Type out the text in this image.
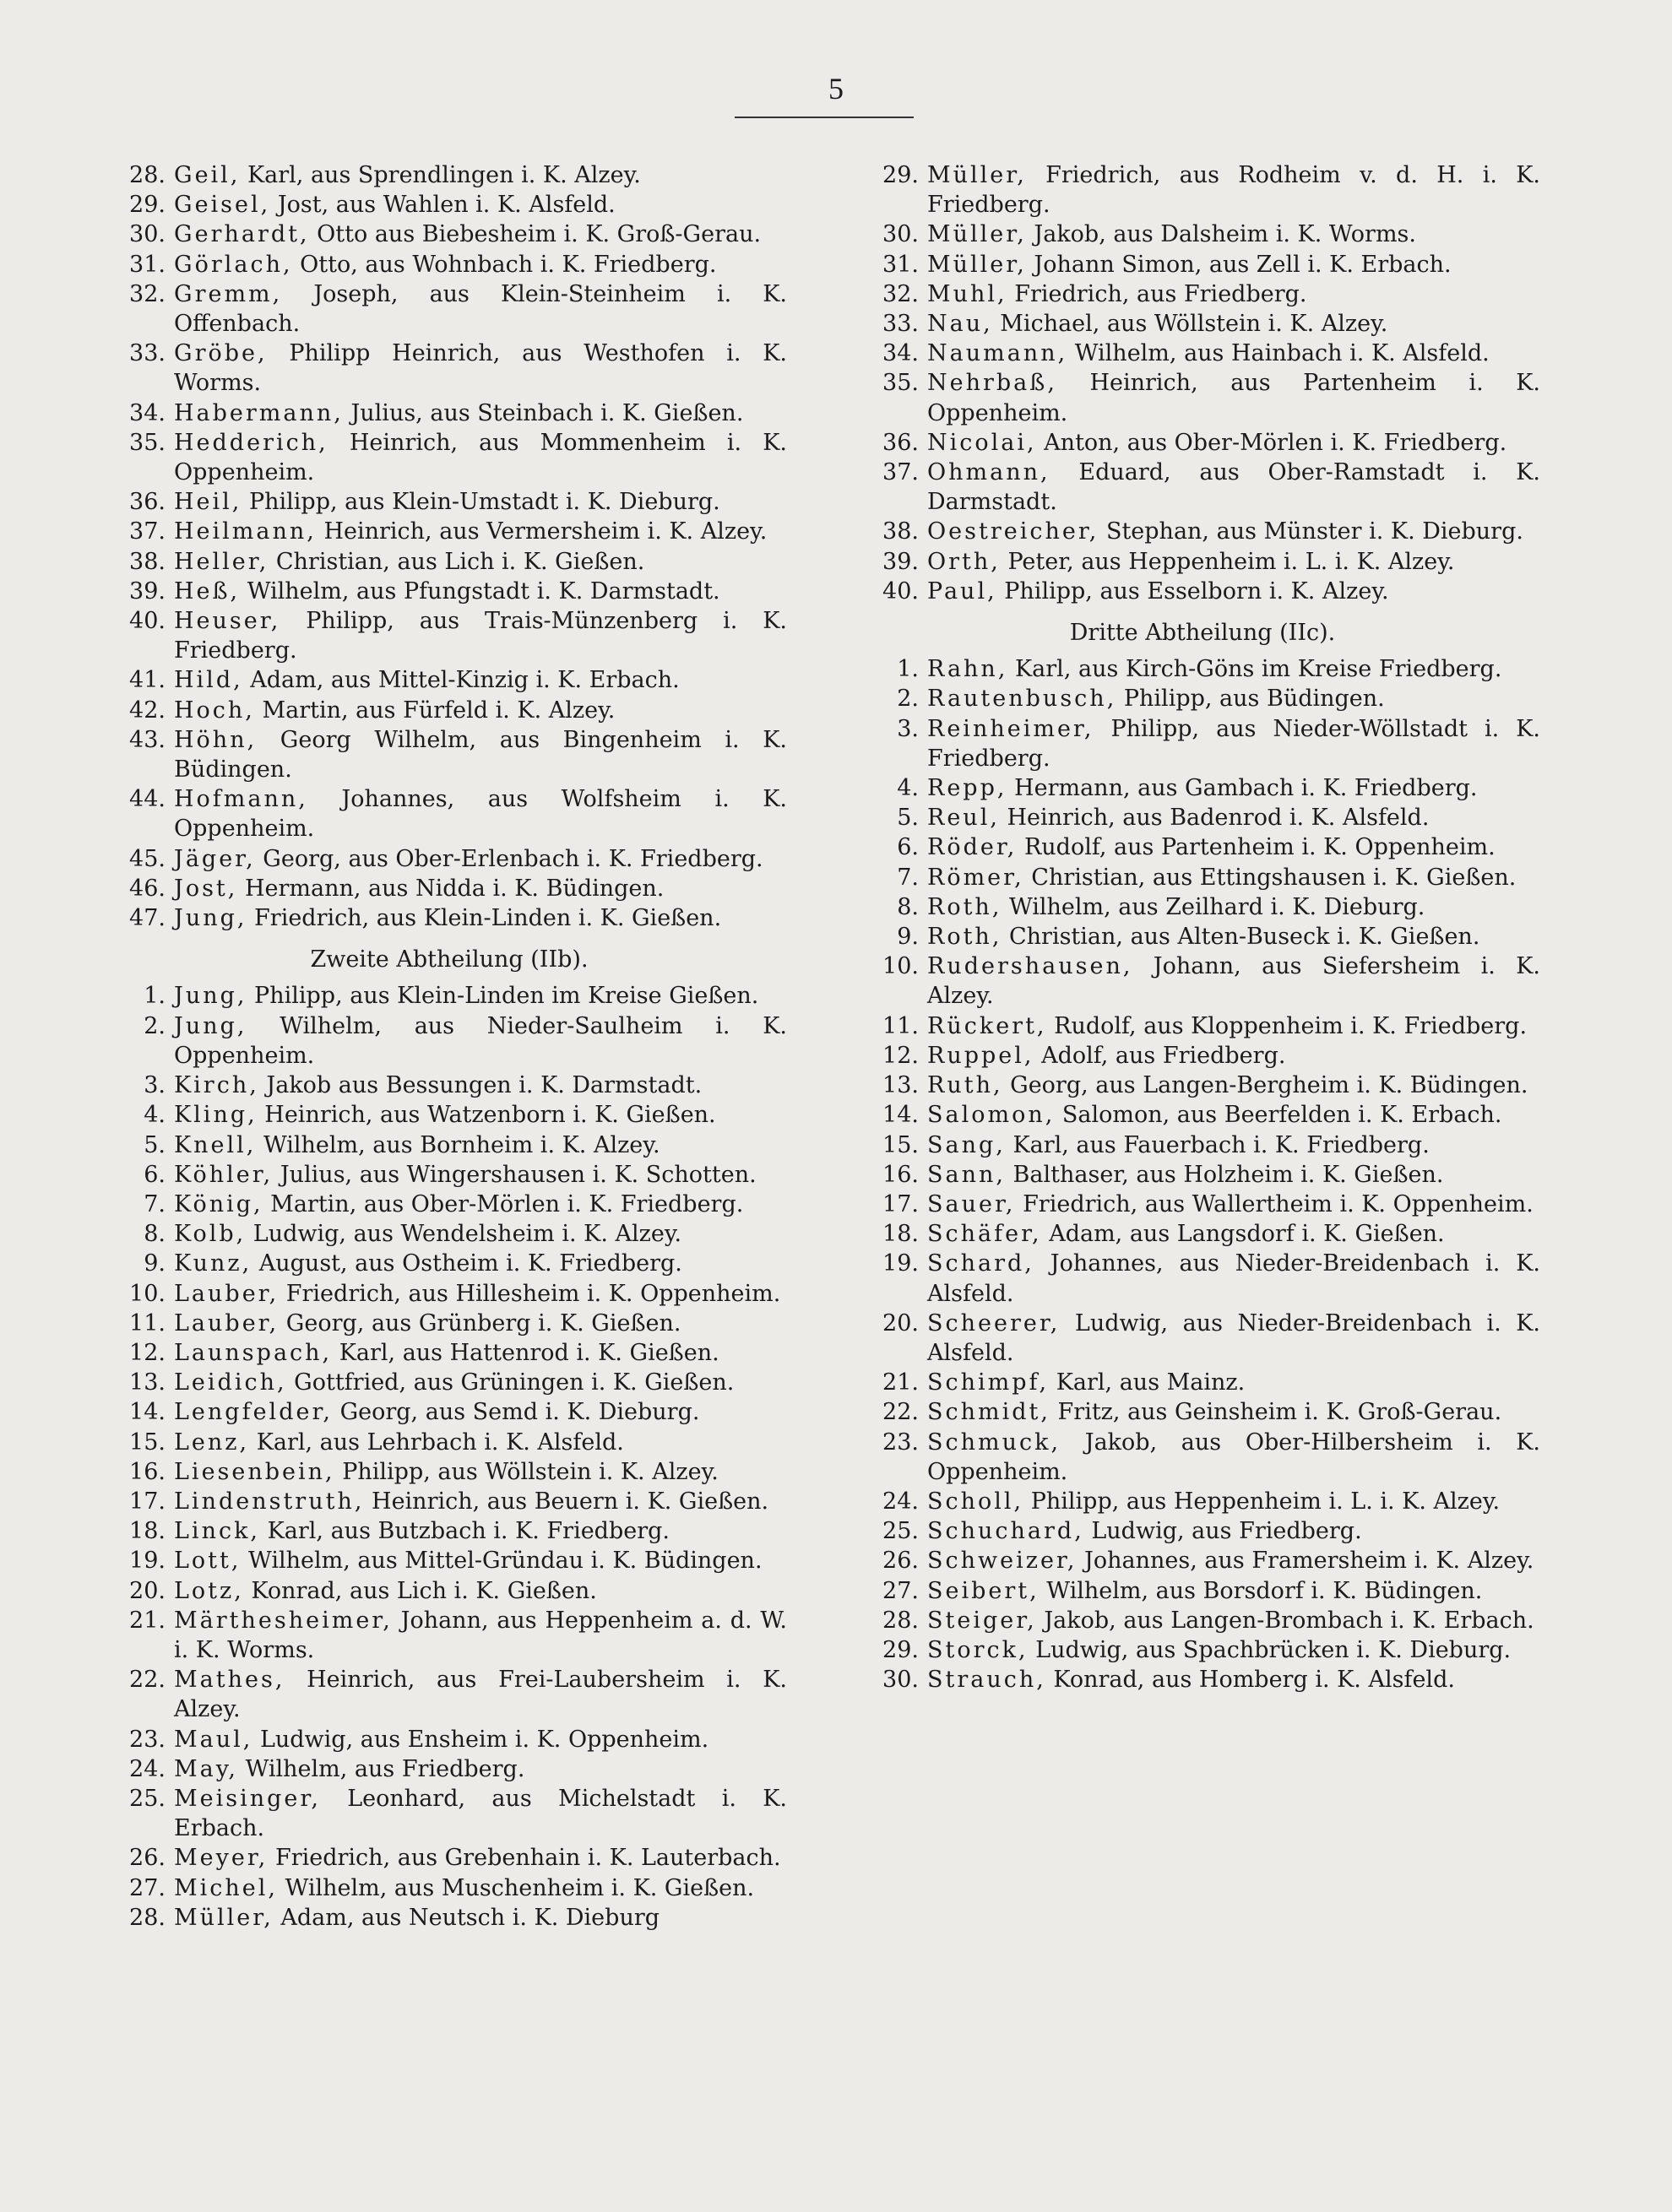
5
28. Geil, Karl, aus Sprendlingen i. K. Alzey.
29. Geisel, Jost, aus Wahlen i. K. Alsfeld.
30. Gerhardt, Otto aus Biebesheim i. K. Groß-Gerau.
31. Görlach, Otto, aus Wohnbach i. K. Friedberg.
32. Gremm, Joseph, aus Klein-Steinheim i. K. Offenbach.
33. Gröbe, Philipp Heinrich, aus Westhofen i. K. Worms.
34. Habermann, Julius, aus Steinbach i. K. Gießen.
35. Hedderich, Heinrich, aus Mommenheim i. K. Oppenheim.
36. Heil, Philipp, aus Klein-Umstadt i. K. Dieburg.
37. Heilmann, Heinrich, aus Vermersheim i. K. Alzey.
38. Heller, Christian, aus Lich i. K. Gießen.
39. Heß, Wilhelm, aus Pfungstadt i. K. Darmstadt.
40. Heuser, Philipp, aus Trais-Münzenberg i. K. Friedberg.
41. Hild, Adam, aus Mittel-Kinzig i. K. Erbach.
42. Hoch, Martin, aus Fürfeld i. K. Alzey.
43. Höhn, Georg Wilhelm, aus Bingenheim i. K. Büdingen.
44. Hofmann, Johannes, aus Wolfsheim i. K. Oppenheim.
45. Jäger, Georg, aus Ober-Erlenbach i. K. Friedberg.
46. Jost, Hermann, aus Nidda i. K. Büdingen.
47. Jung, Friedrich, aus Klein-Linden i. K. Gießen.
Zweite Abtheilung (IIb).
1. Jung, Philipp, aus Klein-Linden im Kreise Gießen.
2. Jung, Wilhelm, aus Nieder-Saulheim i. K. Oppenheim.
3. Kirch, Jakob aus Bessungen i. K. Darmstadt.
4. Kling, Heinrich, aus Watzenborn i. K. Gießen.
5. Knell, Wilhelm, aus Bornheim i. K. Alzey.
6. Köhler, Julius, aus Wingershausen i. K. Schotten.
7. König, Martin, aus Ober-Mörlen i. K. Friedberg.
8. Kolb, Ludwig, aus Wendelsheim i. K. Alzey.
9. Kunz, August, aus Ostheim i. K. Friedberg.
10. Lauber, Friedrich, aus Hillesheim i. K. Oppenheim.
11. Lauber, Georg, aus Grünberg i. K. Gießen.
12. Launspach, Karl, aus Hattenrod i. K. Gießen.
13. Leidich, Gottfried, aus Grüningen i. K. Gießen.
14. Lengfelder, Georg, aus Semd i. K. Dieburg.
15. Lenz, Karl, aus Lehrbach i. K. Alsfeld.
16. Liesenbein, Philipp, aus Wöllstein i. K. Alzey.
17. Lindenstruth, Heinrich, aus Beuern i. K. Gießen.
18. Linck, Karl, aus Butzbach i. K. Friedberg.
19. Lott, Wilhelm, aus Mittel-Gründau i. K. Büdingen.
20. Lotz, Konrad, aus Lich i. K. Gießen.
21. Märthesheimer, Johann, aus Heppenheim a. d. W. i. K. Worms.
22. Mathes, Heinrich, aus Frei-Laubersheim i. K. Alzey.
23. Maul, Ludwig, aus Ensheim i. K. Oppenheim.
24. May, Wilhelm, aus Friedberg.
25. Meisinger, Leonhard, aus Michelstadt i. K. Erbach.
26. Meyer, Friedrich, aus Grebenhain i. K. Lauterbach.
27. Michel, Wilhelm, aus Muschenheim i. K. Gießen.
28. Müller, Adam, aus Neutsch i. K. Dieburg
29. Müller, Friedrich, aus Rodheim v. d. H. i. K. Friedberg.
30. Müller, Jakob, aus Dalsheim i. K. Worms.
31. Müller, Johann Simon, aus Zell i. K. Erbach.
32. Muhl, Friedrich, aus Friedberg.
33. Nau, Michael, aus Wöllstein i. K. Alzey.
34. Naumann, Wilhelm, aus Hainbach i. K. Alsfeld.
35. Nehrbaß, Heinrich, aus Partenheim i. K. Oppenheim.
36. Nicolai, Anton, aus Ober-Mörlen i. K. Friedberg.
37. Ohmann, Eduard, aus Ober-Ramstadt i. K. Darmstadt.
38. Oestreicher, Stephan, aus Münster i. K. Dieburg.
39. Orth, Peter, aus Heppenheim i. L. i. K. Alzey.
40. Paul, Philipp, aus Esselborn i. K. Alzey.
Dritte Abtheilung (IIc).
1. Rahn, Karl, aus Kirch-Göns im Kreise Friedberg.
2. Rautenbusch, Philipp, aus Büdingen.
3. Reinheimer, Philipp, aus Nieder-Wöllstadt i. K. Friedberg.
4. Repp, Hermann, aus Gambach i. K. Friedberg.
5. Reul, Heinrich, aus Badenrod i. K. Alsfeld.
6. Röder, Rudolf, aus Partenheim i. K. Oppenheim.
7. Römer, Christian, aus Ettingshausen i. K. Gießen.
8. Roth, Wilhelm, aus Zeilhard i. K. Dieburg.
9. Roth, Christian, aus Alten-Buseck i. K. Gießen.
10. Rudershausen, Johann, aus Siefersheim i. K. Alzey.
11. Rückert, Rudolf, aus Kloppenheim i. K. Friedberg.
12. Ruppel, Adolf, aus Friedberg.
13. Ruth, Georg, aus Langen-Bergheim i. K. Büdingen.
14. Salomon, Salomon, aus Beerfelden i. K. Erbach.
15. Sang, Karl, aus Fauerbach i. K. Friedberg.
16. Sann, Balthaser, aus Holzheim i. K. Gießen.
17. Sauer, Friedrich, aus Wallertheim i. K. Oppenheim.
18. Schäfer, Adam, aus Langsdorf i. K. Gießen.
19. Schard, Johannes, aus Nieder-Breidenbach i. K. Alsfeld.
20. Scheerer, Ludwig, aus Nieder-Breidenbach i. K. Alsfeld.
21. Schimpf, Karl, aus Mainz.
22. Schmidt, Fritz, aus Geinsheim i. K. Groß-Gerau.
23. Schmuck, Jakob, aus Ober-Hilbersheim i. K. Oppenheim.
24. Scholl, Philipp, aus Heppenheim i. L. i. K. Alzey.
25. Schuchard, Ludwig, aus Friedberg.
26. Schweizer, Johannes, aus Framersheim i. K. Alzey.
27. Seibert, Wilhelm, aus Borsdorf i. K. Büdingen.
28. Steiger, Jakob, aus Langen-Brombach i. K. Erbach.
29. Storck, Ludwig, aus Spachbrücken i. K. Dieburg.
30. Strauch, Konrad, aus Homberg i. K. Alsfeld.
